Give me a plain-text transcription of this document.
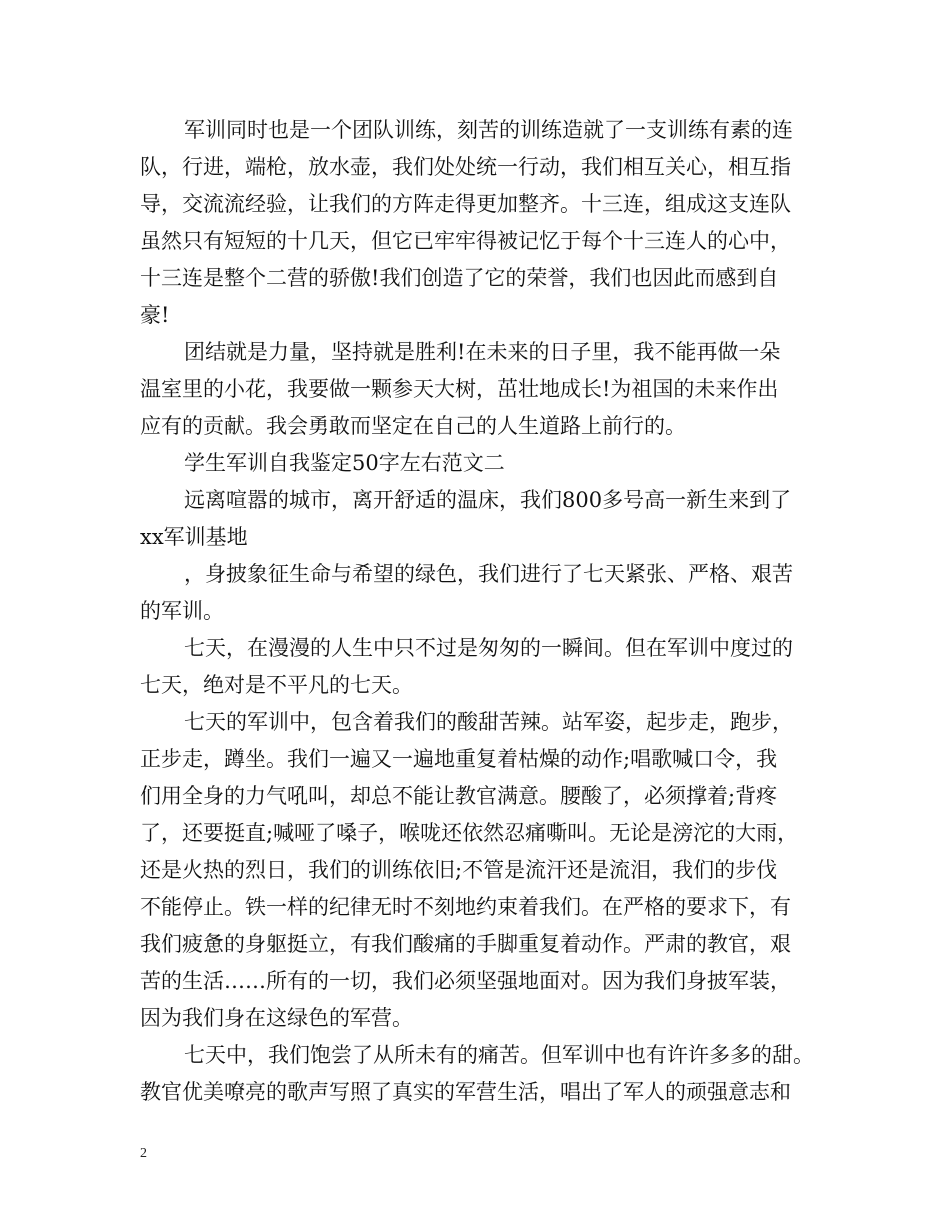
军训同时也是一个团队训练，刻苦的训练造就了一支训练有素的连
队，行进，端枪，放水壶，我们处处统一行动，我们相互关心，相互指
导，交流流经验，让我们的方阵走得更加整齐。十三连，组成这支连队
虽然只有短短的十几天，但它已牢牢得被记忆于每个十三连人的心中，
十三连是整个二营的骄傲!我们创造了它的荣誉，我们也因此而感到自
豪!
团结就是力量，坚持就是胜利!在未来的日子里，我不能再做一朵
温室里的小花，我要做一颗参天大树，茁壮地成长!为祖国的未来作出
应有的贡献。我会勇敢而坚定在自己的人生道路上前行的。
学生军训自我鉴定50字左右范文二
远离喧嚣的城市，离开舒适的温床，我们800多号高一新生来到了
xx军训基地
，身披象征生命与希望的绿色，我们进行了七天紧张、严格、艰苦
的军训。
七天，在漫漫的人生中只不过是匆匆的一瞬间。但在军训中度过的
七天，绝对是不平凡的七天。
七天的军训中，包含着我们的酸甜苦辣。站军姿，起步走，跑步，
正步走，蹲坐。我们一遍又一遍地重复着枯燥的动作;唱歌喊口令，我
们用全身的力气吼叫，却总不能让教官满意。腰酸了，必须撑着;背疼
了，还要挺直;喊哑了嗓子，喉咙还依然忍痛嘶叫。无论是滂沱的大雨，
还是火热的烈日，我们的训练依旧;不管是流汗还是流泪，我们的步伐
不能停止。铁一样的纪律无时不刻地约束着我们。在严格的要求下，有
我们疲惫的身躯挺立，有我们酸痛的手脚重复着动作。严肃的教官，艰
苦的生活……所有的一切，我们必须坚强地面对。因为我们身披军装，
因为我们身在这绿色的军营。
七天中，我们饱尝了从所未有的痛苦。但军训中也有许许多多的甜。
教官优美嘹亮的歌声写照了真实的军营生活，唱出了军人的顽强意志和
2
